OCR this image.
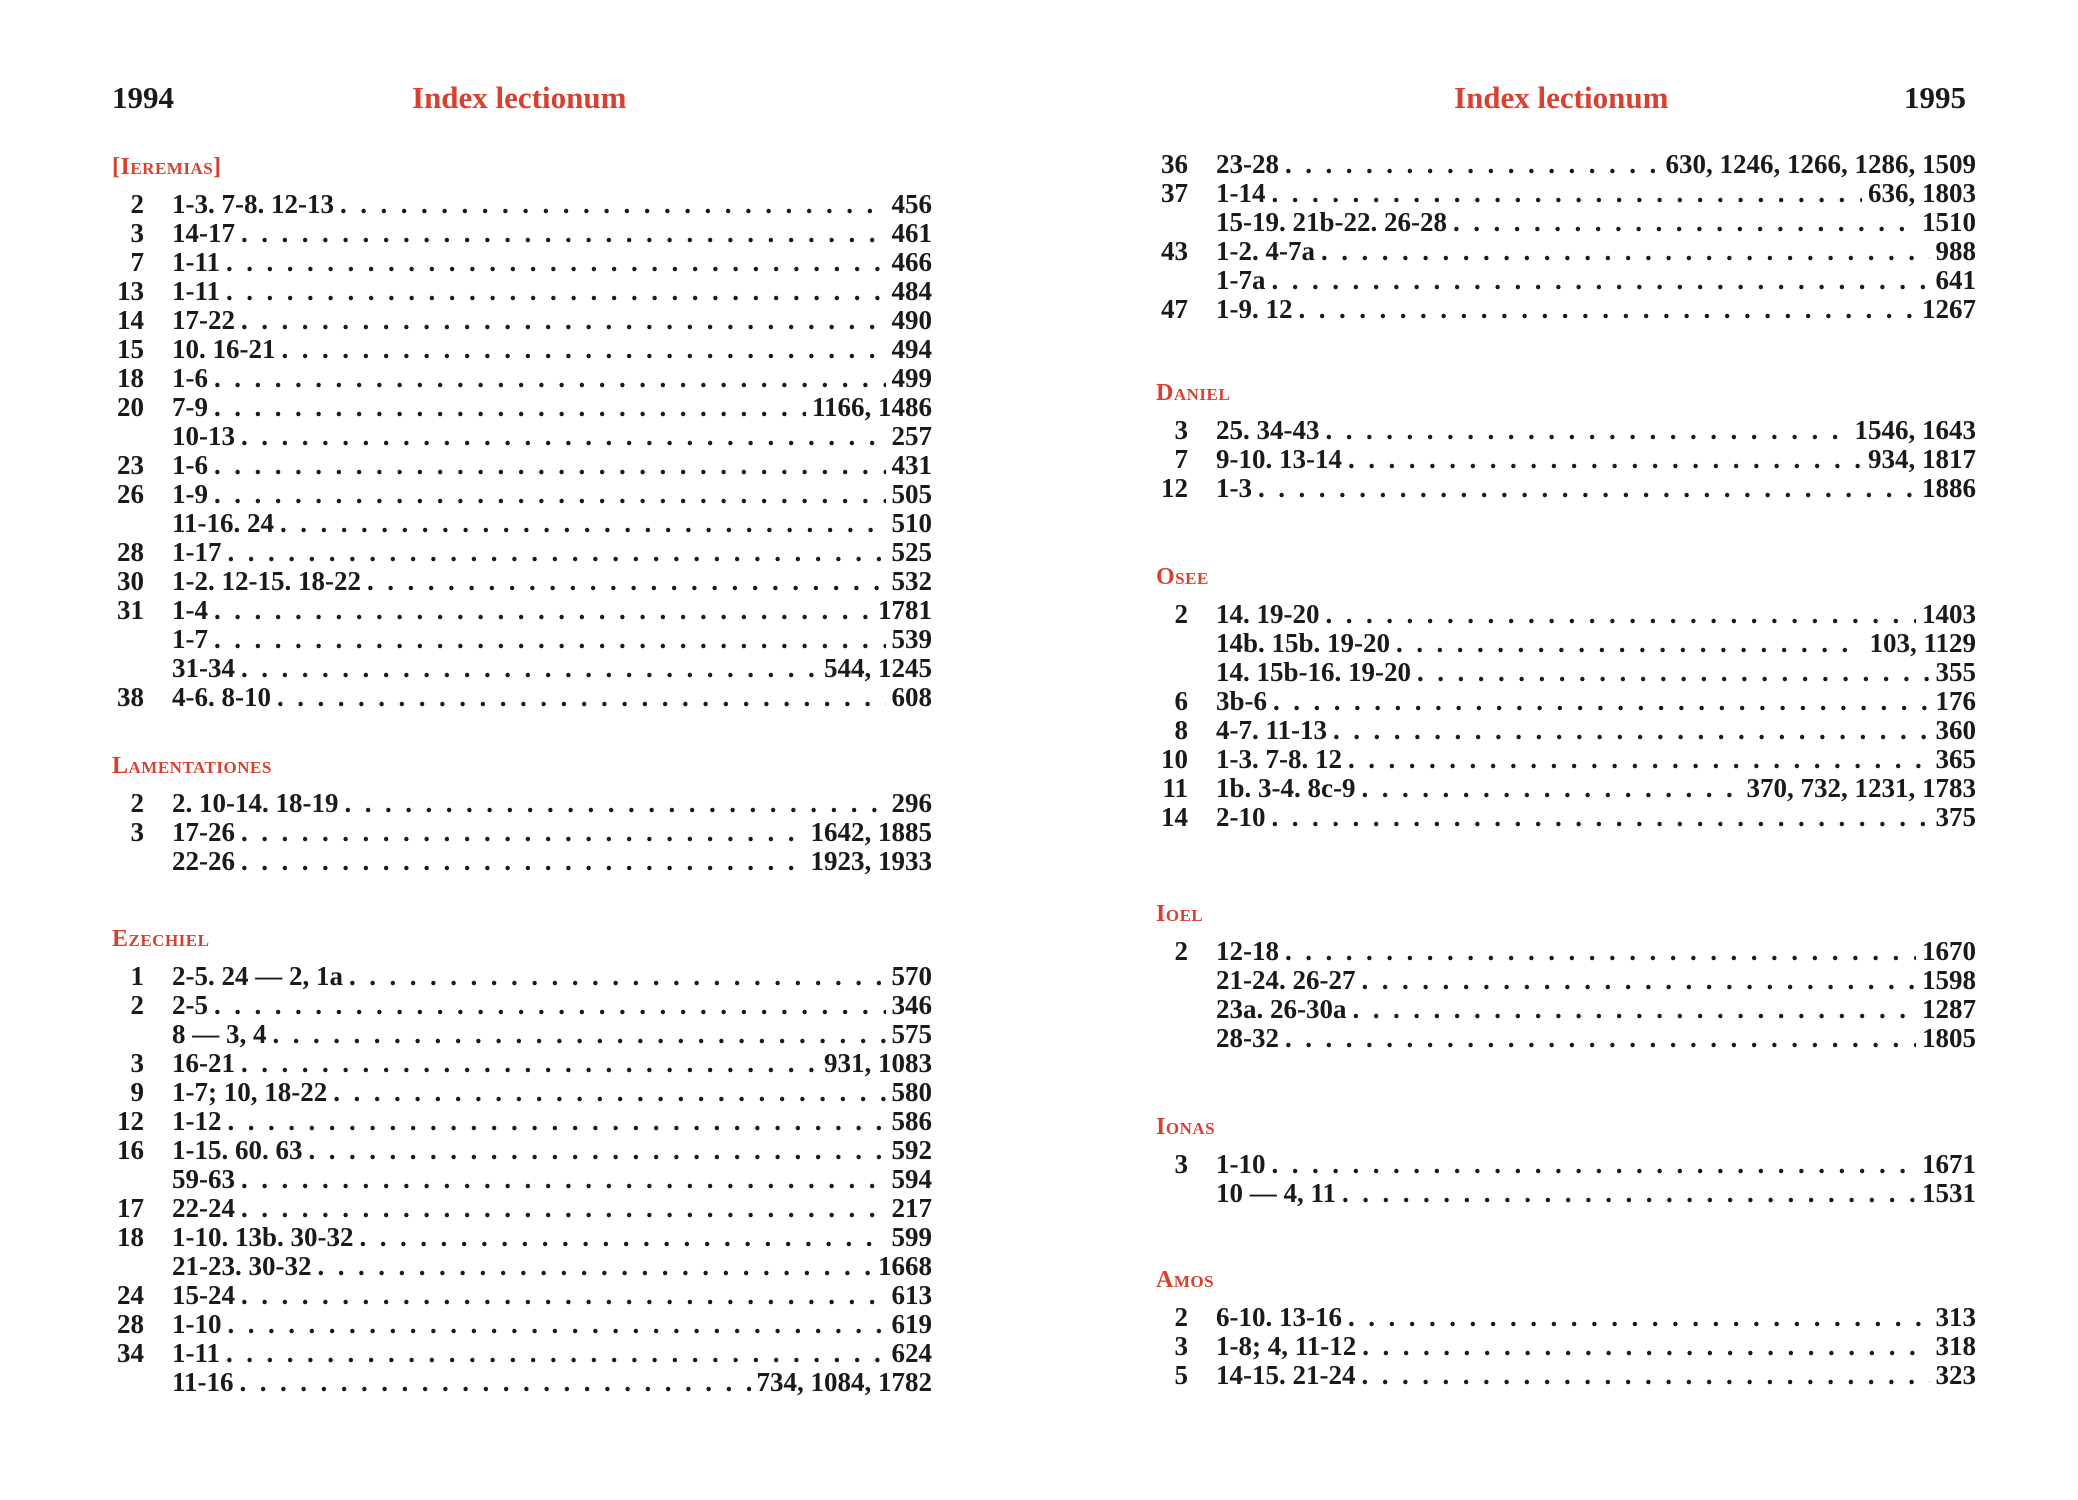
1994	Index lectionum
[Ieremias]
2 1-3. 7-8. 12-13 . .	456
3 14-17 . .	461
7 1-11 . .	466
13 1-11 . .	484
14 17-22 . .	490
15 10. 16-21 . .	494
18 1-6 . .	499
20 7-9 . .	1166, 1486
10-13 . .	257
23 1-6 . .	431
26 1-9 . .	505
11-16. 24 . .	510
28 1-17 . .	525
30 1-2. 12-15. 18-22 . .	532
31 1-4 . .	1781
1-7 . .	539
31-34 . .	544, 1245
38 4-6. 8-10 . .	608
Lamentationes
2 2. 10-14. 18-19 . .	296
3 17-26 . .	1642, 1885
22-26 . .	1923, 1933
Ezechiel
1 2-5. 24 — 2, 1a . .	570
2 2-5 . .	346
8 — 3, 4 . .	575
3 16-21 . .	931, 1083
9 1-7; 10, 18-22 . .	580
12 1-12 . .	586
16 1-15. 60. 63 . .	592
59-63 . .	594
17 22-24 . .	217
18 1-10. 13b. 30-32 . .	599
21-23. 30-32 . .	1668
24 15-24 . .	613
28 1-10 . .	619
34 1-11 . .	624
11-16 . .	734, 1084, 1782
Index lectionum	1995
36 23-28 . .	630, 1246, 1266, 1286, 1509
37 1-14 . .	636, 1803
15-19. 21b-22. 26-28 . .	1510
43 1-2. 4-7a . .	988
1-7a . .	641
47 1-9. 12 . .	1267
Daniel
3 25. 34-43 . .	1546, 1643
7 9-10. 13-14 . .	934, 1817
12 1-3 . .	1886
Osee
2 14. 19-20 . .	1403
14b. 15b. 19-20 . .	103, 1129
14. 15b-16. 19-20 . .	355
6 3b-6 . .	176
8 4-7. 11-13 . .	360
10 1-3. 7-8. 12 . .	365
11 1b. 3-4. 8c-9 . .	370, 732, 1231, 1783
14 2-10 . .	375
Ioel
2 12-18 . .	1670
21-24. 26-27 . .	1598
23a. 26-30a . .	1287
28-32 . .	1805
Ionas
3 1-10 . .	1671
10 — 4, 11 . .	1531
Amos
2 6-10. 13-16 . .	313
3 1-8; 4, 11-12 . .	318
5 14-15. 21-24 . .	323
